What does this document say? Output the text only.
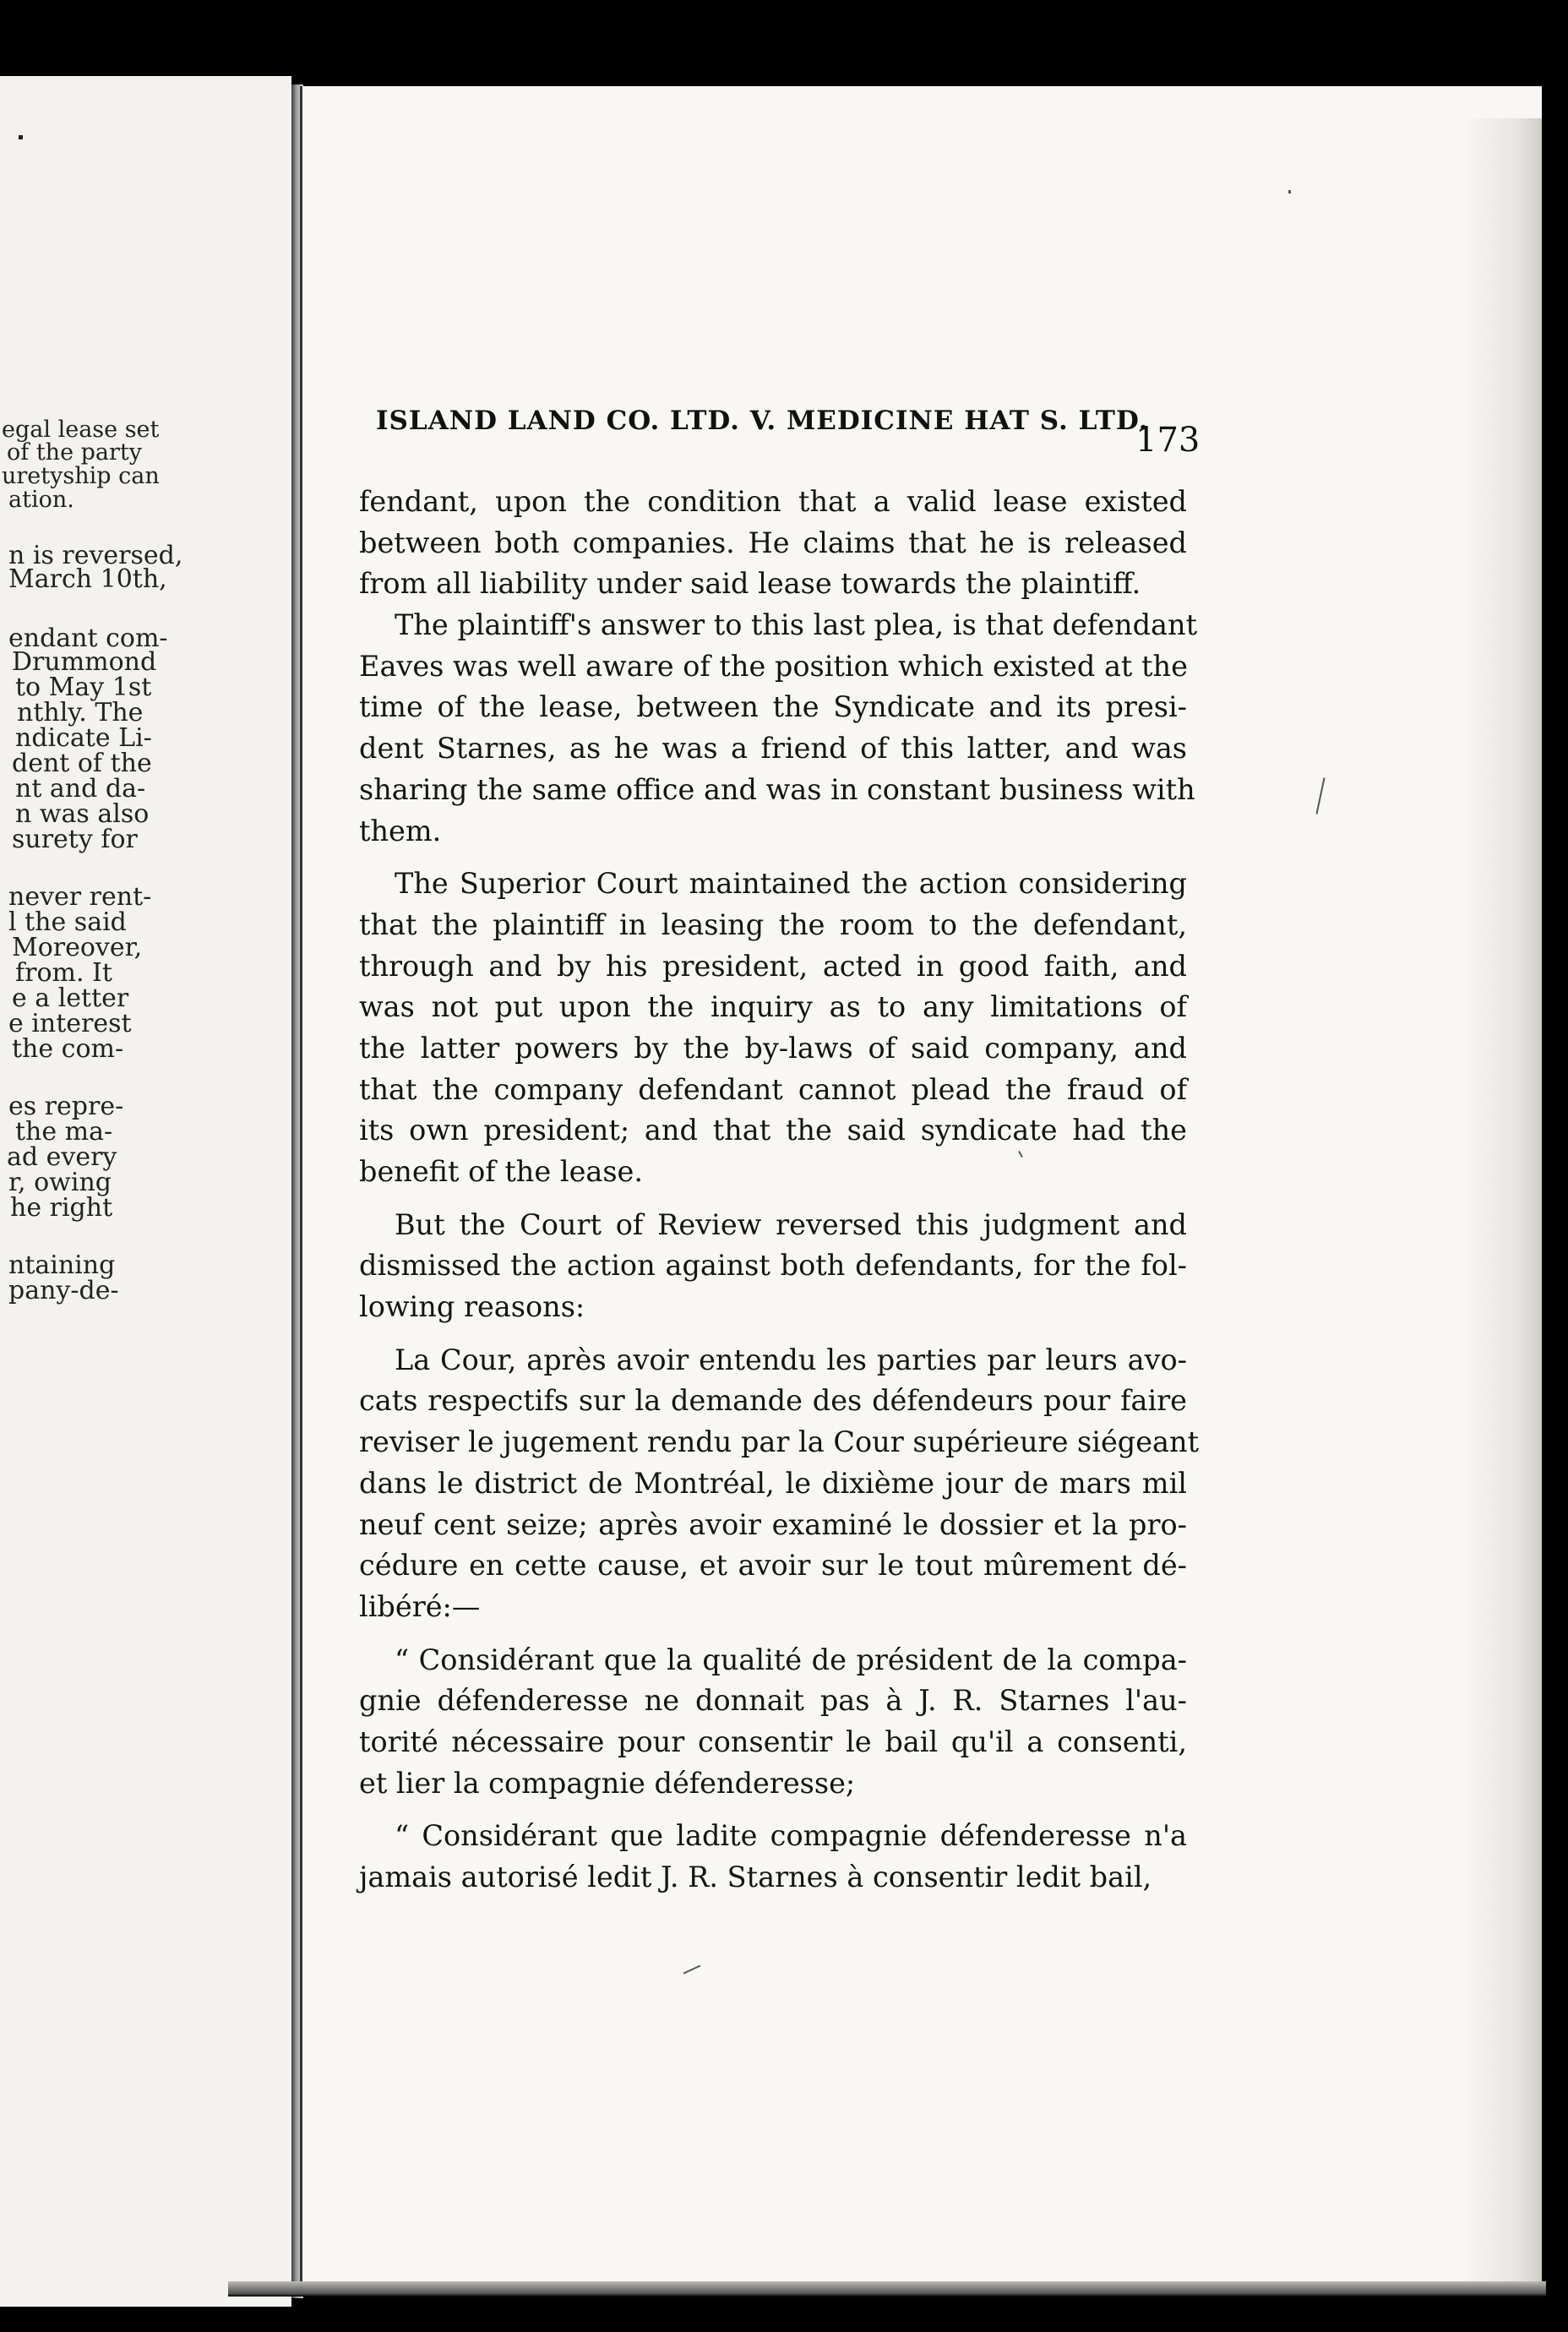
egal lease set
of the party
uretyship can
ation.
n is reversed,
March 10th,
endant com-
Drummond
to May 1st
nthly. The
ndicate Li-
dent of the
nt and da-
n was also
surety for
never rent-
l the said
Moreover,
from. It
e a letter
e interest
the com-
es repre-
the ma-
ad every
r, owing
he right
ntaining
pany-de-
ISLAND LAND CO. LTD. V. MEDICINE HAT S. LTD.
173
fendant, upon the condition that a valid lease existed
between both companies. He claims that he is released
from all liability under said lease towards the plaintiff.
The plaintiff's answer to this last plea, is that defendant
Eaves was well aware of the position which existed at the
time of the lease, between the Syndicate and its presi-
dent Starnes, as he was a friend of this latter, and was
sharing the same office and was in constant business with
them.
The Superior Court maintained the action considering
that the plaintiff in leasing the room to the defendant,
through and by his president, acted in good faith, and
was not put upon the inquiry as to any limitations of
the latter powers by the by-laws of said company, and
that the company defendant cannot plead the fraud of
its own president; and that the said syndicate had the
benefit of the lease.
But the Court of Review reversed this judgment and
dismissed the action against both defendants, for the fol-
lowing reasons:
La Cour, après avoir entendu les parties par leurs avo-
cats respectifs sur la demande des défendeurs pour faire
reviser le jugement rendu par la Cour supérieure siégeant
dans le district de Montréal, le dixième jour de mars mil
neuf cent seize; après avoir examiné le dossier et la pro-
cédure en cette cause, et avoir sur le tout mûrement dé-
libéré:—
“ Considérant que la qualité de président de la compa-
gnie défenderesse ne donnait pas à J. R. Starnes l'au-
torité nécessaire pour consentir le bail qu'il a consenti,
et lier la compagnie défenderesse;
“ Considérant que ladite compagnie défenderesse n'a
jamais autorisé ledit J. R. Starnes à consentir ledit bail,
